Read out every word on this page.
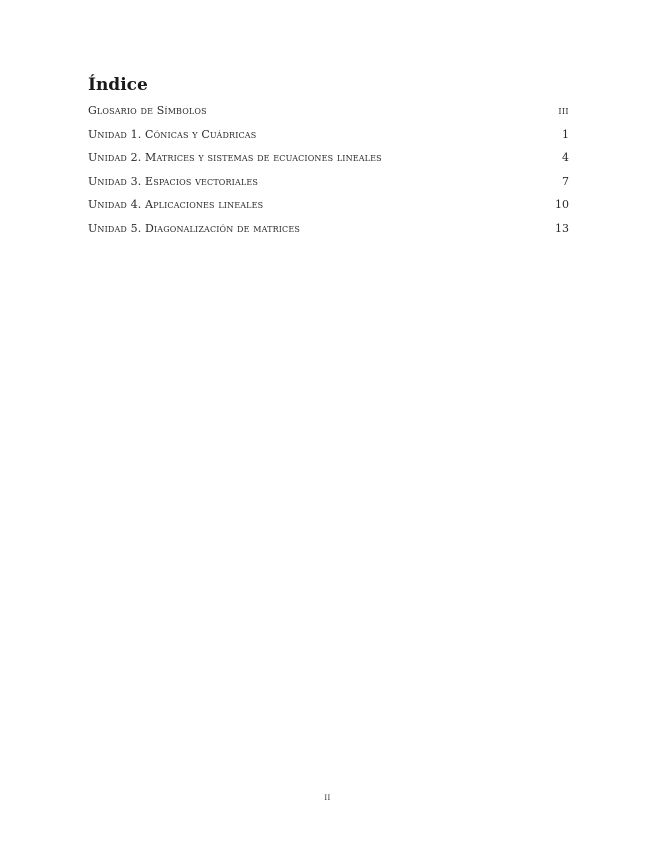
Índice
Glosario de Símbolos	iii
Unidad 1. Cónicas y Cuádricas	1
Unidad 2. Matrices y sistemas de ecuaciones lineales	4
Unidad 3. Espacios vectoriales	7
Unidad 4. Aplicaciones lineales	10
Unidad 5. Diagonalización de matrices	13
ii
